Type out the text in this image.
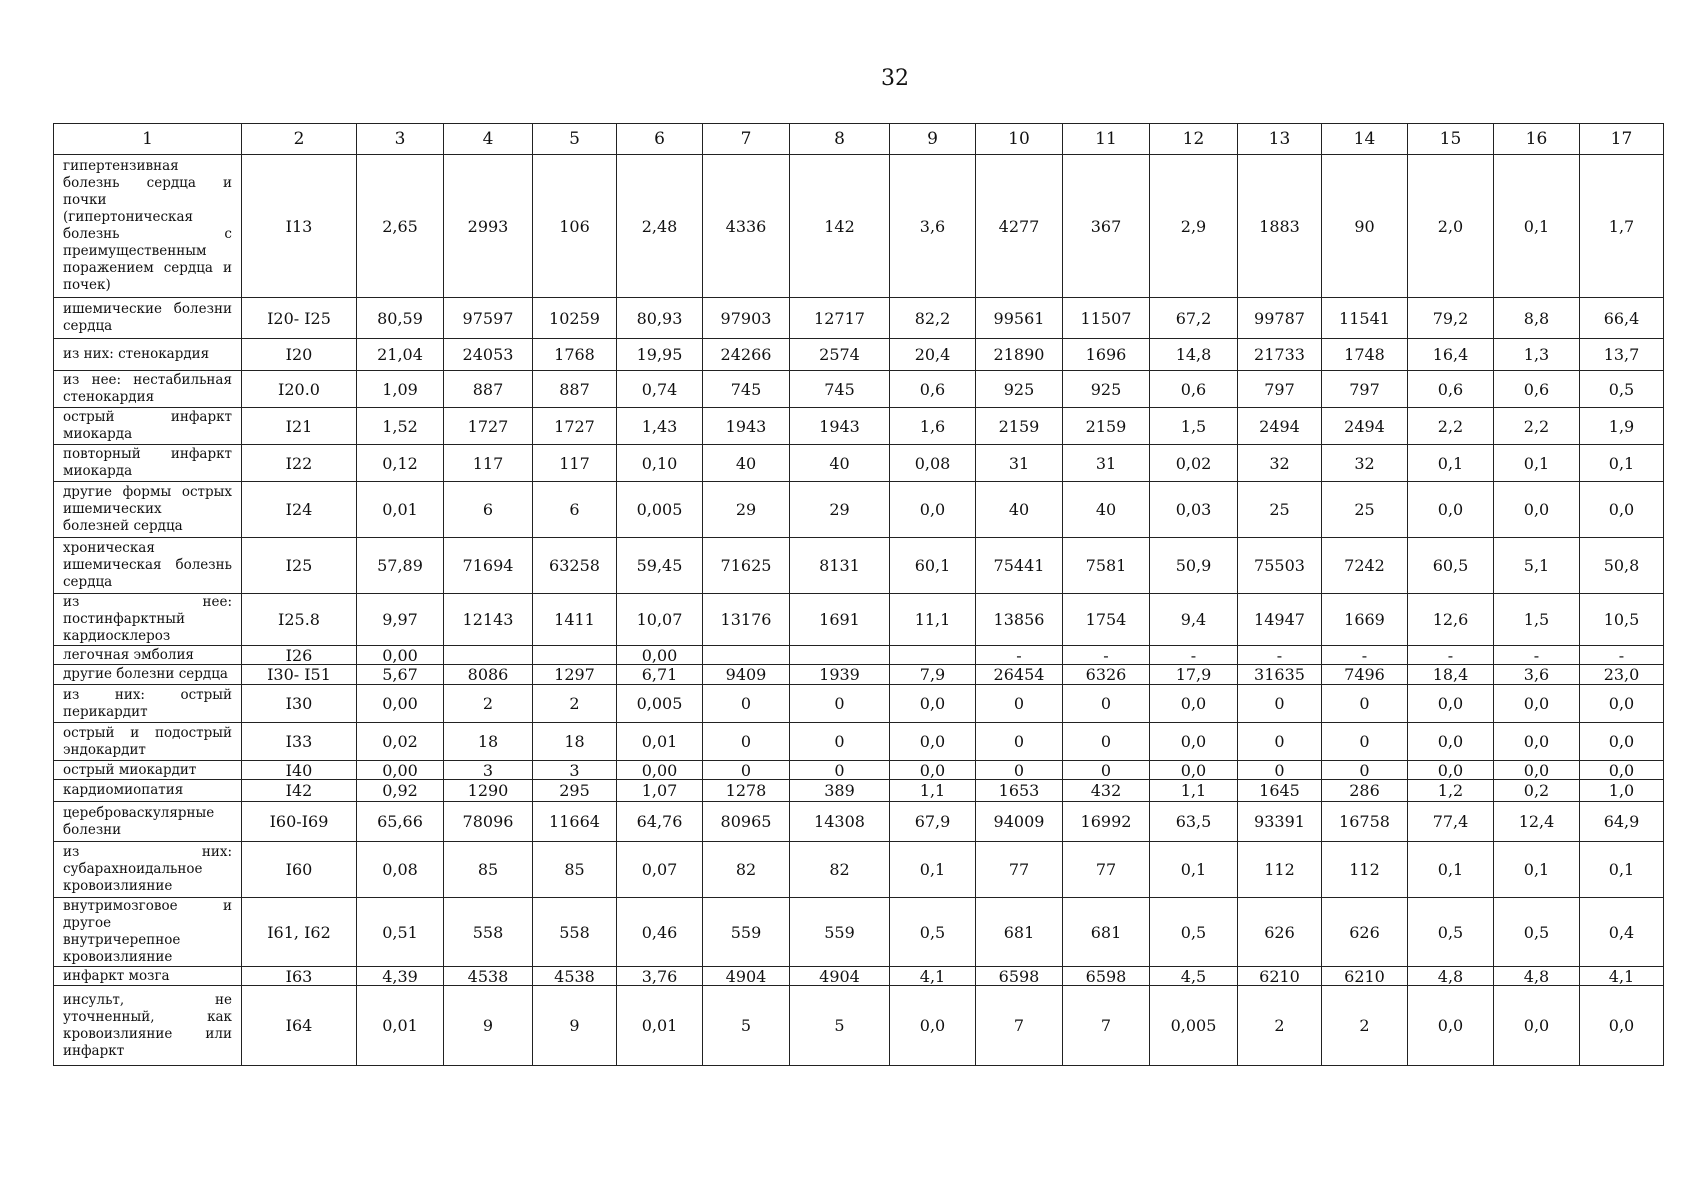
32
1	2	3	4	5	6	7	8	9	10	11	12	13	14	15	16	17
гипертензивная болезнь сердца и почки (гипертоническая болезнь с преимущественным поражением сердца и почек)	I13	2,65	2993	106	2,48	4336	142	3,6	4277	367	2,9	1883	90	2,0	0,1	1,7
ишемические болезни сердца	I20- I25	80,59	97597	10259	80,93	97903	12717	82,2	99561	11507	67,2	99787	11541	79,2	8,8	66,4
из них: стенокардия	I20	21,04	24053	1768	19,95	24266	2574	20,4	21890	1696	14,8	21733	1748	16,4	1,3	13,7
из нее: нестабильная стенокардия	I20.0	1,09	887	887	0,74	745	745	0,6	925	925	0,6	797	797	0,6	0,6	0,5
острый инфаркт миокарда	I21	1,52	1727	1727	1,43	1943	1943	1,6	2159	2159	1,5	2494	2494	2,2	2,2	1,9
повторный инфаркт миокарда	I22	0,12	117	117	0,10	40	40	0,08	31	31	0,02	32	32	0,1	0,1	0,1
другие формы острых ишемических болезней сердца	I24	0,01	6	6	0,005	29	29	0,0	40	40	0,03	25	25	0,0	0,0	0,0
хроническая ишемическая болезнь сердца	I25	57,89	71694	63258	59,45	71625	8131	60,1	75441	7581	50,9	75503	7242	60,5	5,1	50,8
из нее: постинфарктный кардиосклероз	I25.8	9,97	12143	1411	10,07	13176	1691	11,1	13856	1754	9,4	14947	1669	12,6	1,5	10,5
легочная эмболия	I26	0,00			0,00				-	-	-	-	-	-	-	-
другие болезни сердца	I30- I51	5,67	8086	1297	6,71	9409	1939	7,9	26454	6326	17,9	31635	7496	18,4	3,6	23,0
из них: острый перикардит	I30	0,00	2	2	0,005	0	0	0,0	0	0	0,0	0	0	0,0	0,0	0,0
острый и подострый эндокардит	I33	0,02	18	18	0,01	0	0	0,0	0	0	0,0	0	0	0,0	0,0	0,0
острый миокардит	I40	0,00	3	3	0,00	0	0	0,0	0	0	0,0	0	0	0,0	0,0	0,0
кардиомиопатия	I42	0,92	1290	295	1,07	1278	389	1,1	1653	432	1,1	1645	286	1,2	0,2	1,0
цереброваскулярные болезни	I60-I69	65,66	78096	11664	64,76	80965	14308	67,9	94009	16992	63,5	93391	16758	77,4	12,4	64,9
из них: субарахноидальное кровоизлияние	I60	0,08	85	85	0,07	82	82	0,1	77	77	0,1	112	112	0,1	0,1	0,1
внутримозговое и другое внутричерепное кровоизлияние	I61, I62	0,51	558	558	0,46	559	559	0,5	681	681	0,5	626	626	0,5	0,5	0,4
инфаркт мозга	I63	4,39	4538	4538	3,76	4904	4904	4,1	6598	6598	4,5	6210	6210	4,8	4,8	4,1
инсульт, не уточненный, как кровоизлияние или инфаркт	I64	0,01	9	9	0,01	5	5	0,0	7	7	0,005	2	2	0,0	0,0	0,0
